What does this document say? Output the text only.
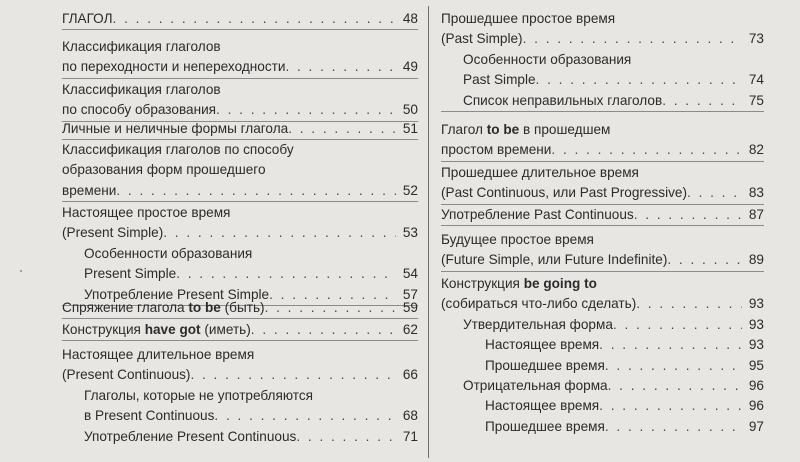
ГЛАГОЛ . . .	48
Классификация глаголов
по переходности и непереходности . . .	49
Классификация глаголов
по способу образования . . .	50
Личные и неличные формы глагола . . .	51
Классификация глаголов по способу
образования форм прошедшего
времени . . .	52
Настоящее простое время
(Present Simple) . . .	53
Особенности образования
Present Simple . . .	54
Употребление Present Simple . . .	57
Спряжение глагола to be (быть) . . .	59
Конструкция have got (иметь) . . .	62
Настоящее длительное время
(Present Continuous) . . .	66
Глаголы, которые не употребляются
в Present Continuous . . .	68
Употребление Present Continuous . . .	71
Прошедшее простое время
(Past Simple) . . .	73
Особенности образования
Past Simple . . .	74
Список неправильных глаголов . . .	75
Глагол to be в прошедшем
простом времени . . .	82
Прошедшее длительное время
(Past Continuous, или Past Progressive) . . .	83
Употребление Past Continuous . . .	87
Будущее простое время
(Future Simple, или Future Indefinite) . . .	89
Конструкция be going to
(собираться что-либо сделать) . . .	93
Утвердительная форма . . .	93
Настоящее время . . .	93
Прошедшее время . . .	95
Отрицательная форма . . .	96
Настоящее время . . .	96
Прошедшее время . . .	97
